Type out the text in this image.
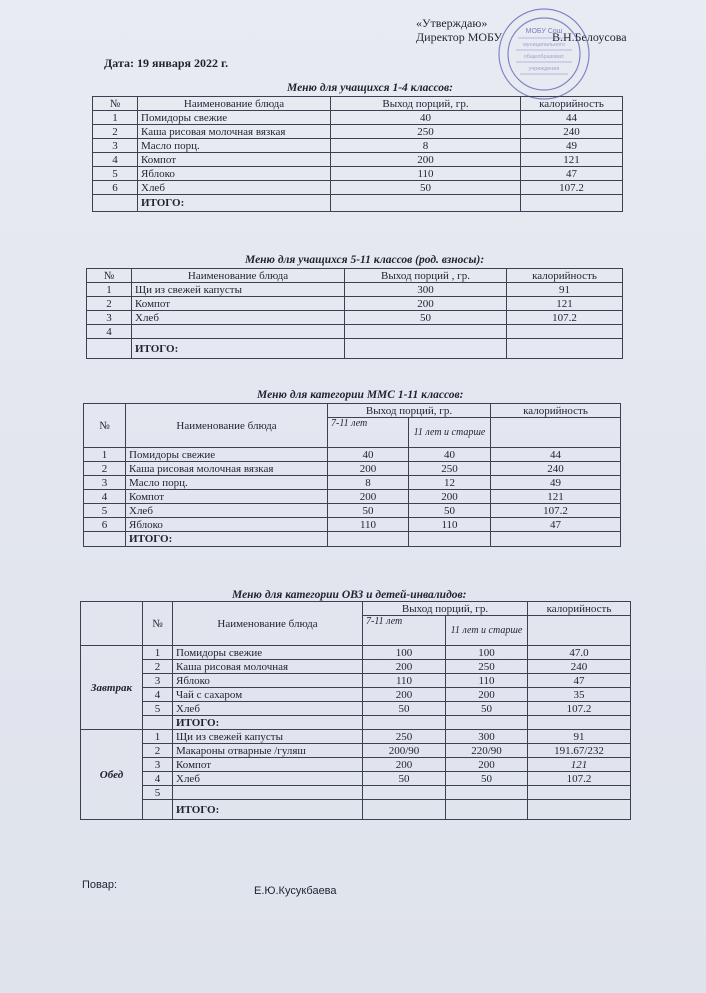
«Утверждаю»
Директор МОБУ	В.Н.Белоусова
МОБУ Сош
муниципального
общеобразоват.
учреждения
Дата: 19 января 2022 г.
Меню для учащихся 1-4 классов:
№	Наименование блюда	Выход порций, гр.	калорийность
1	Помидоры свежие	40	44
2	Каша рисовая молочная вязкая	250	240
3	Масло порц.	8	49
4	Компот	200	121
5	Яблоко	110	47
6	Хлеб	50	107.2
	ИТОГО:		
Меню для учащихся 5-11 классов (род. взносы):
№	Наименование блюда	Выход порций , гр.	калорийность
1	Щи из свежей капусты	300	91
2	Компот	200	121
3	Хлеб	50	107.2
4			
	ИТОГО:		
Меню для категории ММС 1-11 классов:
№	Наименование блюда	Выход порций, гр.		калорийность
		7-11 лет	11 лет и старше	
1	Помидоры свежие	40	40	44
2	Каша рисовая молочная вязкая	200	250	240
3	Масло порц.	8	12	49
4	Компот	200	200	121
5	Хлеб	50	50	107.2
6	Яблоко	110	110	47
	ИТОГО:			
Меню для категории ОВЗ и детей-инвалидов:
	№	Наименование блюда	Выход порций, гр.		калорийность
			7-11 лет	11 лет и старше	
Завтрак	1	Помидоры свежие	100	100	47.0
	2	Каша рисовая молочная	200	250	240
	3	Яблоко	110	110	47
	4	Чай с сахаром	200	200	35
	5	Хлеб	50	50	107.2
		ИТОГО:			
Обед	1	Щи из свежей капусты	250	300	91
	2	Макароны отварные /гуляш	200/90	220/90	191.67/232
	3	Компот	200	200	121
	4	Хлеб	50	50	107.2
	5				
		ИТОГО:			
Повар:	Е.Ю.Кусукбаева
